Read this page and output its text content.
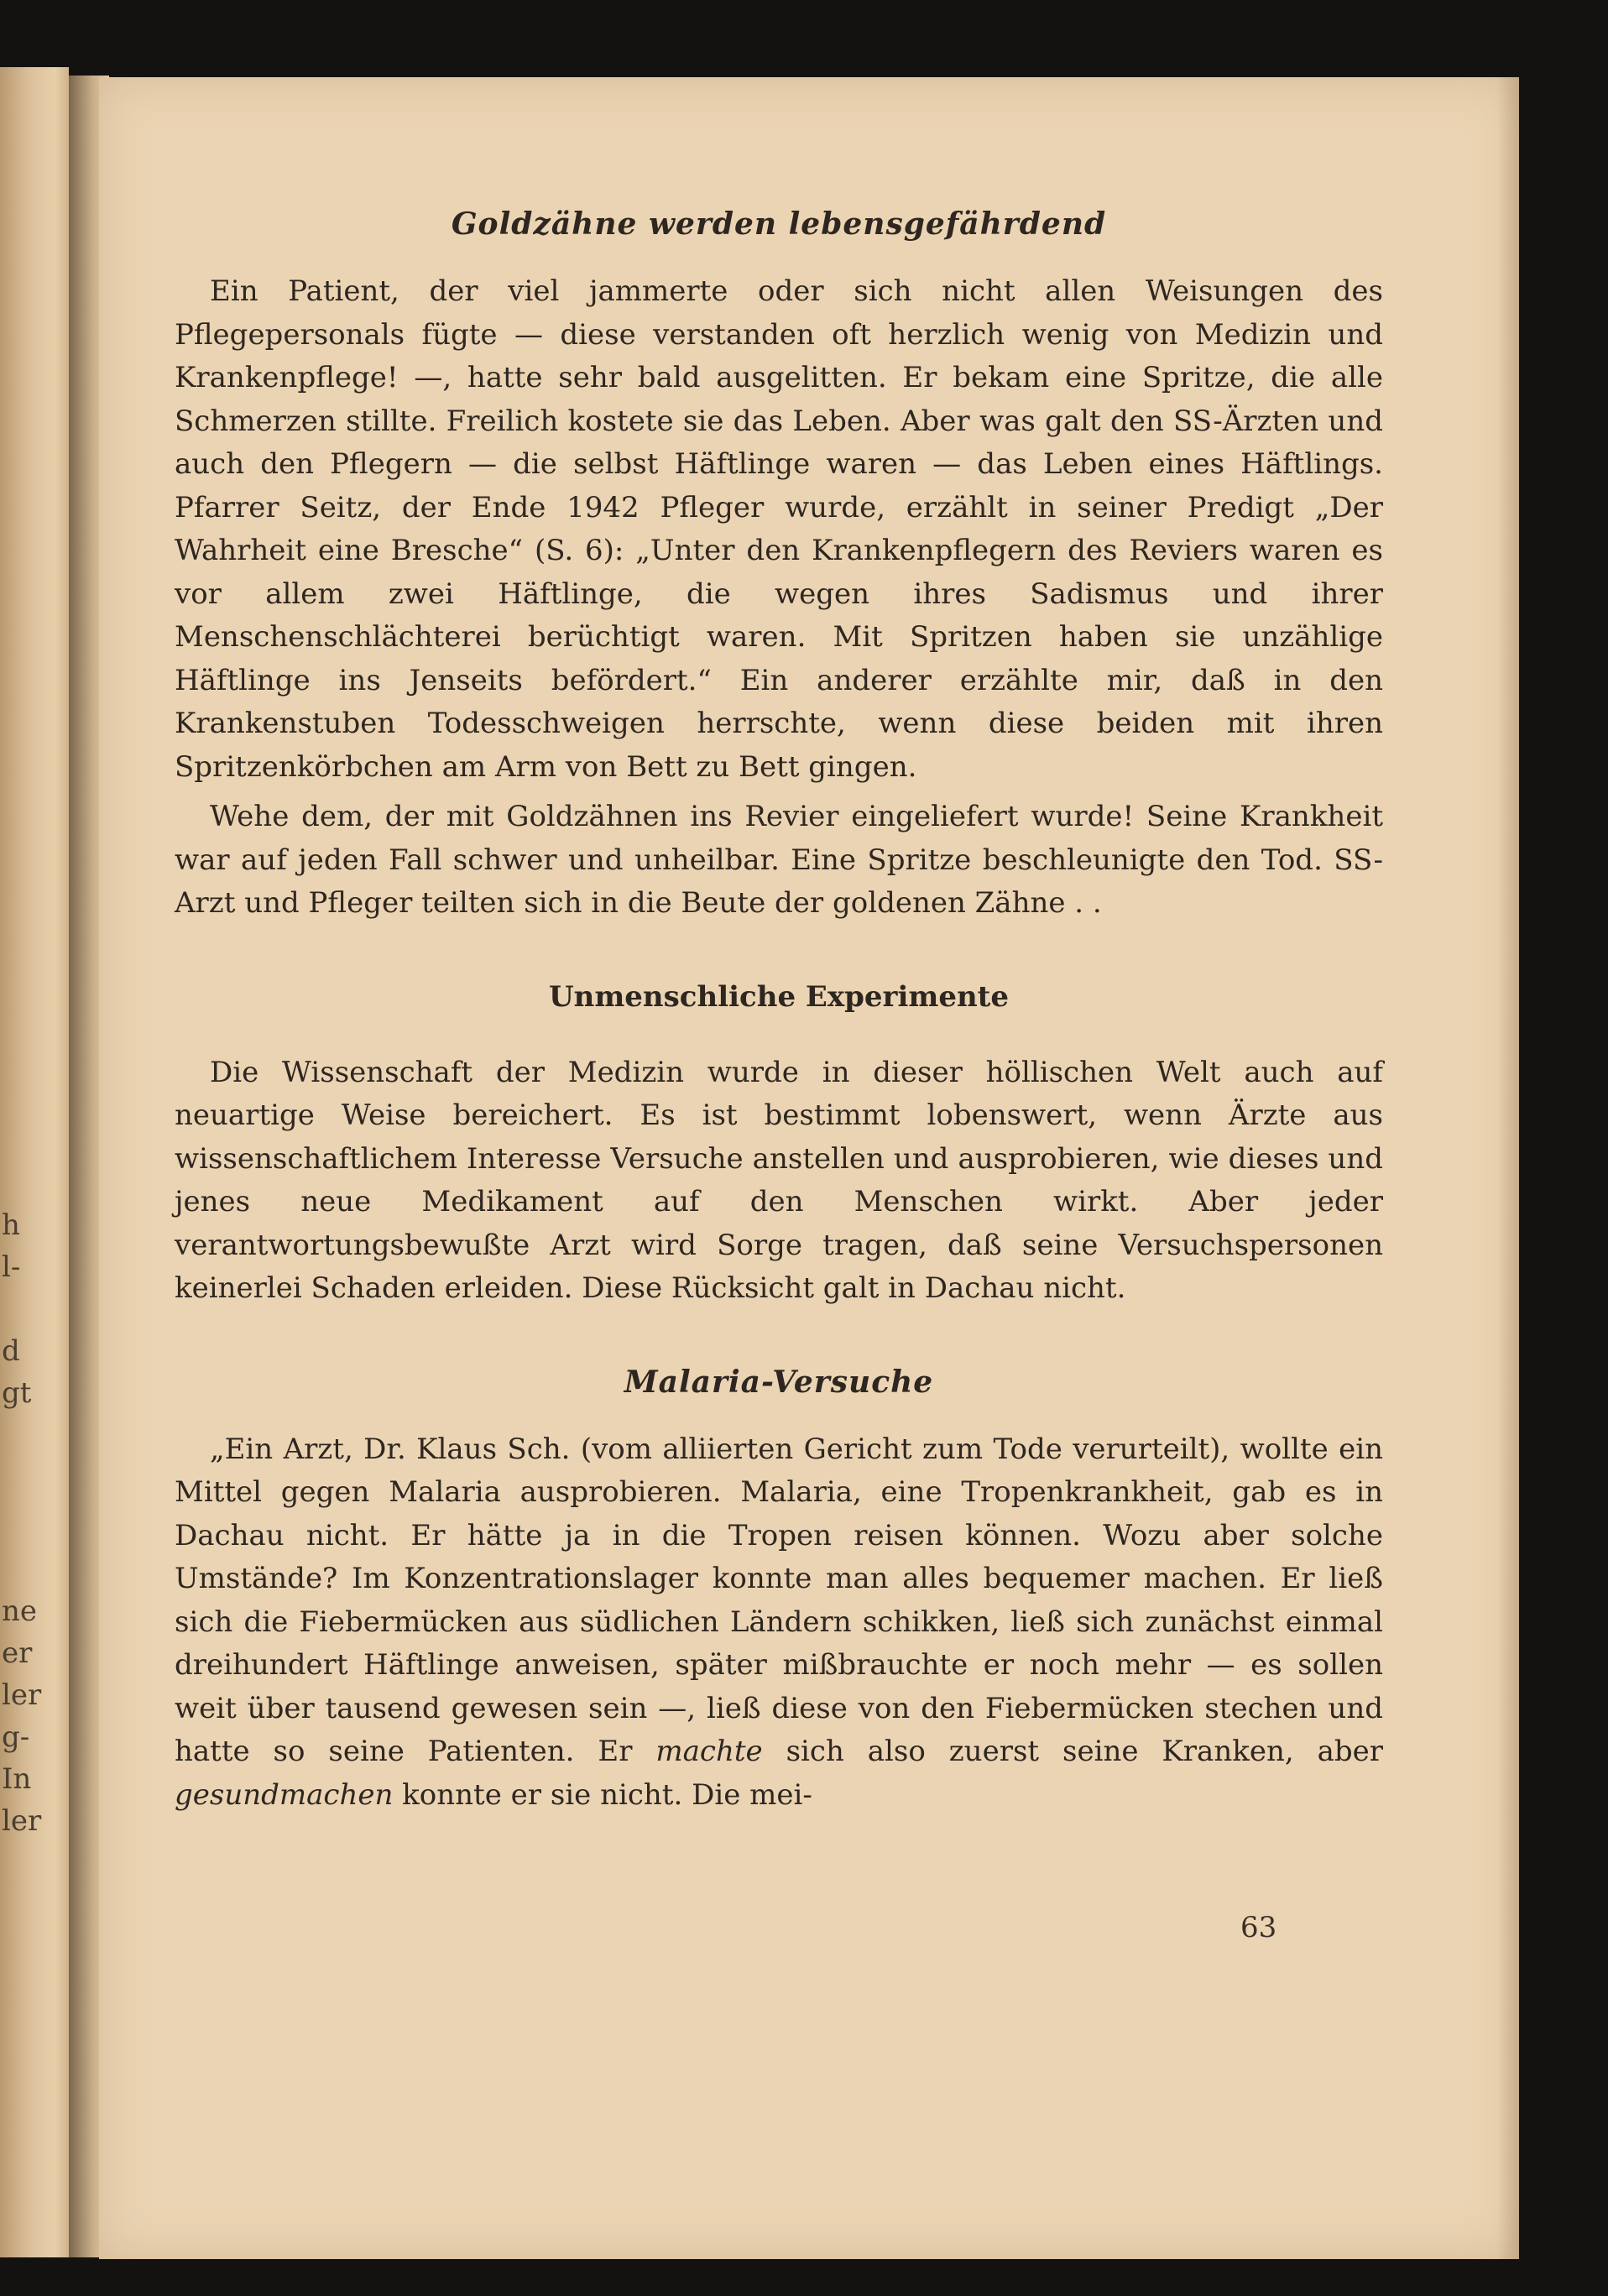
h
l-
d
gt
ne
er
ler
g-
In
ler
Goldzähne werden lebensgefährdend

Ein Patient, der viel jammerte oder sich nicht allen Weisungen des Pflegepersonals fügte — diese verstanden oft herzlich wenig von Medizin und Krankenpflege! —, hatte sehr bald ausgelitten. Er bekam eine Spritze, die alle Schmerzen stillte. Freilich kostete sie das Leben. Aber was galt den SS-Ärzten und auch den Pflegern — die selbst Häftlinge waren — das Leben eines Häftlings. Pfarrer Seitz, der Ende 1942 Pfleger wurde, erzählt in seiner Predigt „Der Wahrheit eine Bresche“ (S. 6): „Unter den Krankenpflegern des Reviers waren es vor allem zwei Häftlinge, die wegen ihres Sadismus und ihrer Menschenschlächterei berüchtigt waren. Mit Spritzen haben sie unzählige Häftlinge ins Jenseits befördert.“ Ein anderer erzählte mir, daß in den Krankenstuben Todesschweigen herrschte, wenn diese beiden mit ihren Spritzenkörbchen am Arm von Bett zu Bett gingen.

Wehe dem, der mit Goldzähnen ins Revier eingeliefert wurde! Seine Krankheit war auf jeden Fall schwer und unheilbar. Eine Spritze beschleunigte den Tod. SS-Arzt und Pfleger teilten sich in die Beute der goldenen Zähne . .

Unmenschliche Experimente

Die Wissenschaft der Medizin wurde in dieser höllischen Welt auch auf neuartige Weise bereichert. Es ist bestimmt lobenswert, wenn Ärzte aus wissenschaftlichem Interesse Versuche anstellen und ausprobieren, wie dieses und jenes neue Medikament auf den Menschen wirkt. Aber jeder verantwortungsbewußte Arzt wird Sorge tragen, daß seine Versuchspersonen keinerlei Schaden erleiden. Diese Rücksicht galt in Dachau nicht.

Malaria-Versuche

„Ein Arzt, Dr. Klaus Sch. (vom alliierten Gericht zum Tode verurteilt), wollte ein Mittel gegen Malaria ausprobieren. Malaria, eine Tropenkrankheit, gab es in Dachau nicht. Er hätte ja in die Tropen reisen können. Wozu aber solche Umstände? Im Konzentrationslager konnte man alles bequemer machen. Er ließ sich die Fiebermücken aus südlichen Ländern schikken, ließ sich zunächst einmal dreihundert Häftlinge anweisen, später mißbrauchte er noch mehr — es sollen weit über tausend gewesen sein —, ließ diese von den Fiebermücken stechen und hatte so seine Patienten. Er machte sich also zuerst seine Kranken, aber gesundmachen konnte er sie nicht. Die mei-

63
